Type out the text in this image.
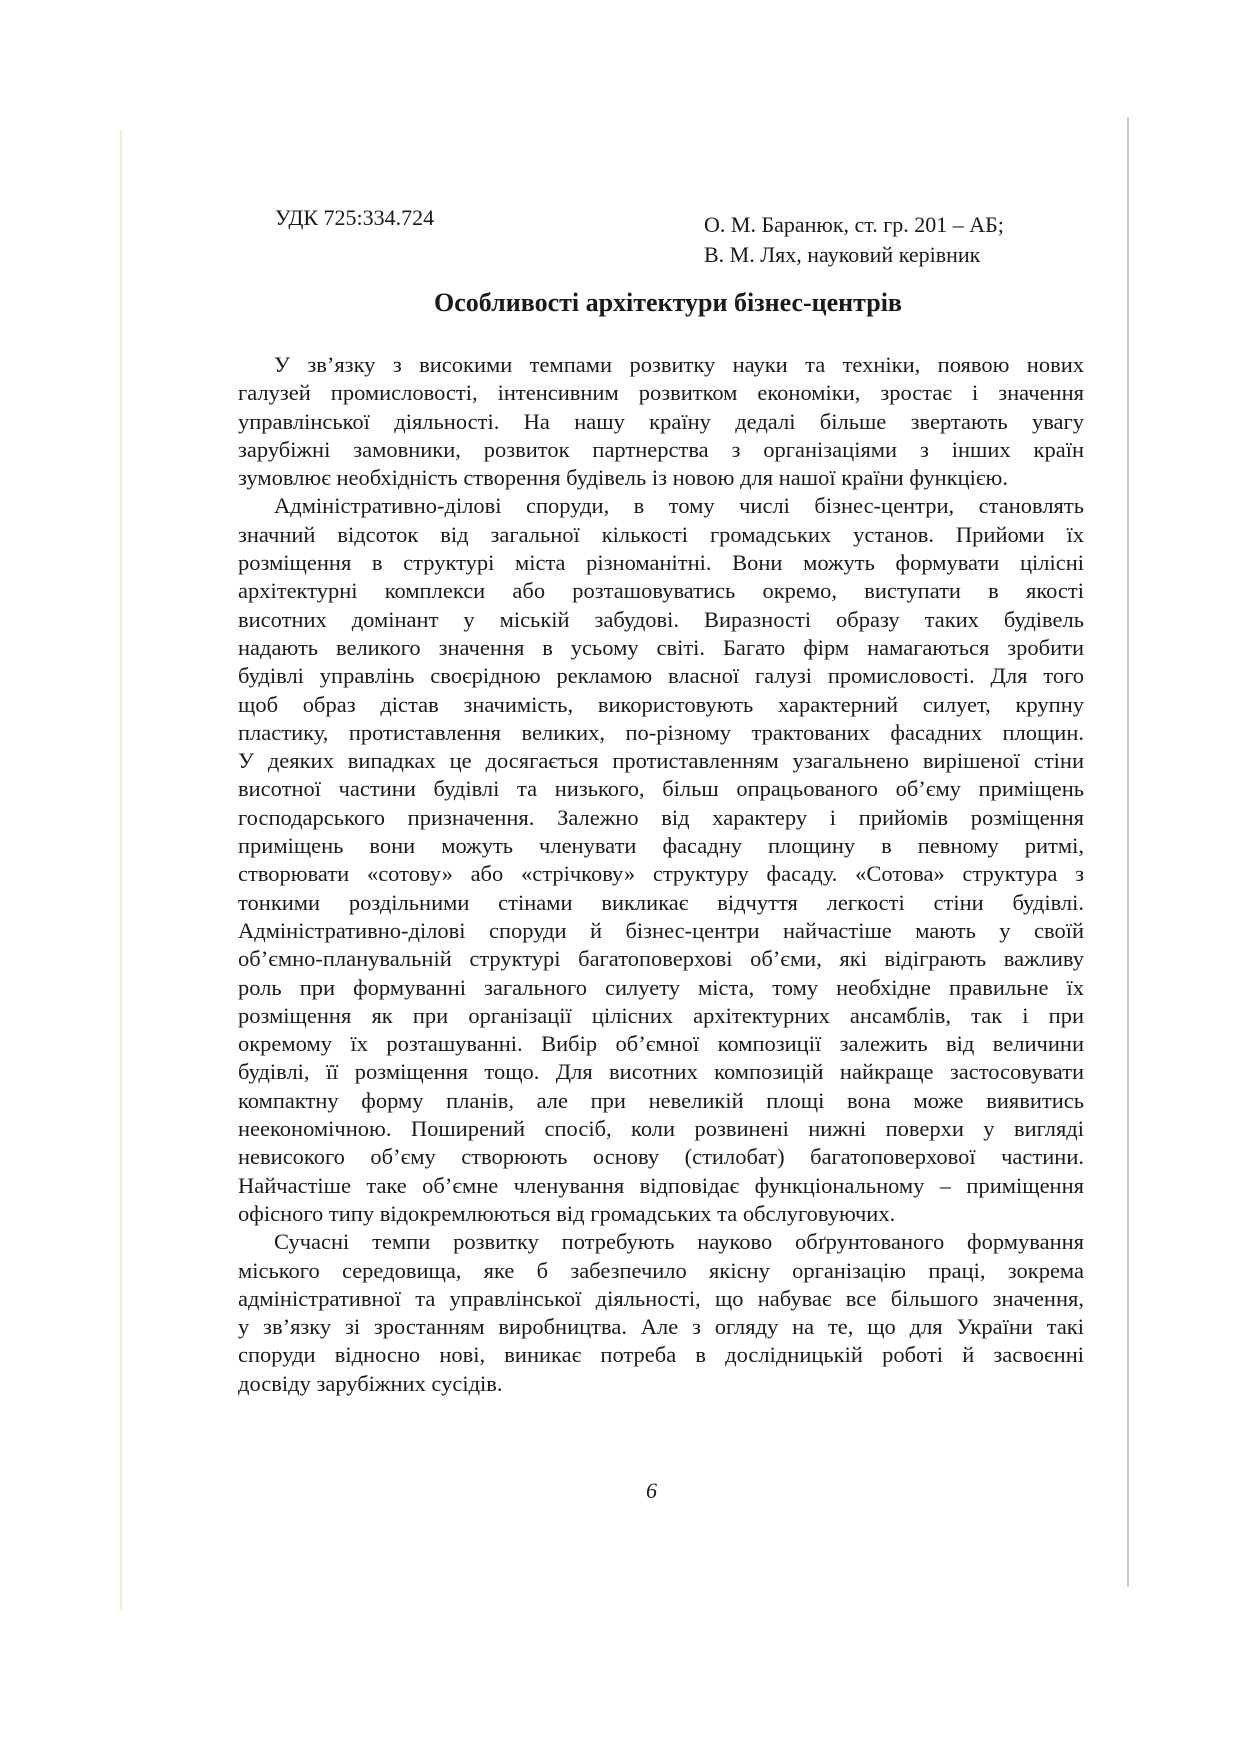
УДК 725:334.724	О. М. Баранюк, ст. гр. 201 – АБ;
В. М. Лях, науковий керівник
Особливості архітектури бізнес-центрів
У зв’язку з високими темпами розвитку науки та техніки, появою нових
галузей промисловості, інтенсивним розвитком економіки, зростає і значення
управлінської діяльності. На нашу країну дедалі більше звертають увагу
зарубіжні замовники, розвиток партнерства з організаціями з інших країн
зумовлює необхідність створення будівель із новою для нашої країни функцією.
Адміністративно-ділові споруди, в тому числі бізнес-центри, становлять
значний відсоток від загальної кількості громадських установ. Прийоми їх
розміщення в структурі міста різноманітні. Вони можуть формувати цілісні
архітектурні комплекси або розташовуватись окремо, виступати в якості
висотних домінант у міській забудові. Виразності образу таких будівель
надають великого значення в усьому світі. Багато фірм намагаються зробити
будівлі управлінь своєрідною рекламою власної галузі промисловості. Для того
щоб образ дістав значимість, використовують характерний силует, крупну
пластику, протиставлення великих, по-різному трактованих фасадних площин.
У деяких випадках це досягається протиставленням узагальнено вирішеної стіни
висотної частини будівлі та низького, більш опрацьованого об’єму приміщень
господарського призначення. Залежно від характеру і прийомів розміщення
приміщень вони можуть членувати фасадну площину в певному ритмі,
створювати «сотову» або «стрічкову» структуру фасаду. «Сотова» структура з
тонкими роздільними стінами викликає відчуття легкості стіни будівлі.
Адміністративно-ділові споруди й бізнес-центри найчастіше мають у своїй
об’ємно-планувальній структурі багатоповерхові об’єми, які відіграють важливу
роль при формуванні загального силуету міста, тому необхідне правильне їх
розміщення як при організації цілісних архітектурних ансамблів, так і при
окремому їх розташуванні. Вибір об’ємної композиції залежить від величини
будівлі, її розміщення тощо. Для висотних композицій найкраще застосовувати
компактну форму планів, але при невеликій площі вона може виявитись
неекономічною. Поширений спосіб, коли розвинені нижні поверхи у вигляді
невисокого об’єму створюють основу (стилобат) багатоповерхової частини.
Найчастіше таке об’ємне членування відповідає функціональному – приміщення
офісного типу відокремлюються від громадських та обслуговуючих.
Сучасні темпи розвитку потребують науково обґрунтованого формування
міського середовища, яке б забезпечило якісну організацію праці, зокрема
адміністративної та управлінської діяльності, що набуває все більшого значення,
у зв’язку зі зростанням виробництва. Але з огляду на те, що для України такі
споруди відносно нові, виникає потреба в дослідницькій роботі й засвоєнні
досвіду зарубіжних сусідів.
6
